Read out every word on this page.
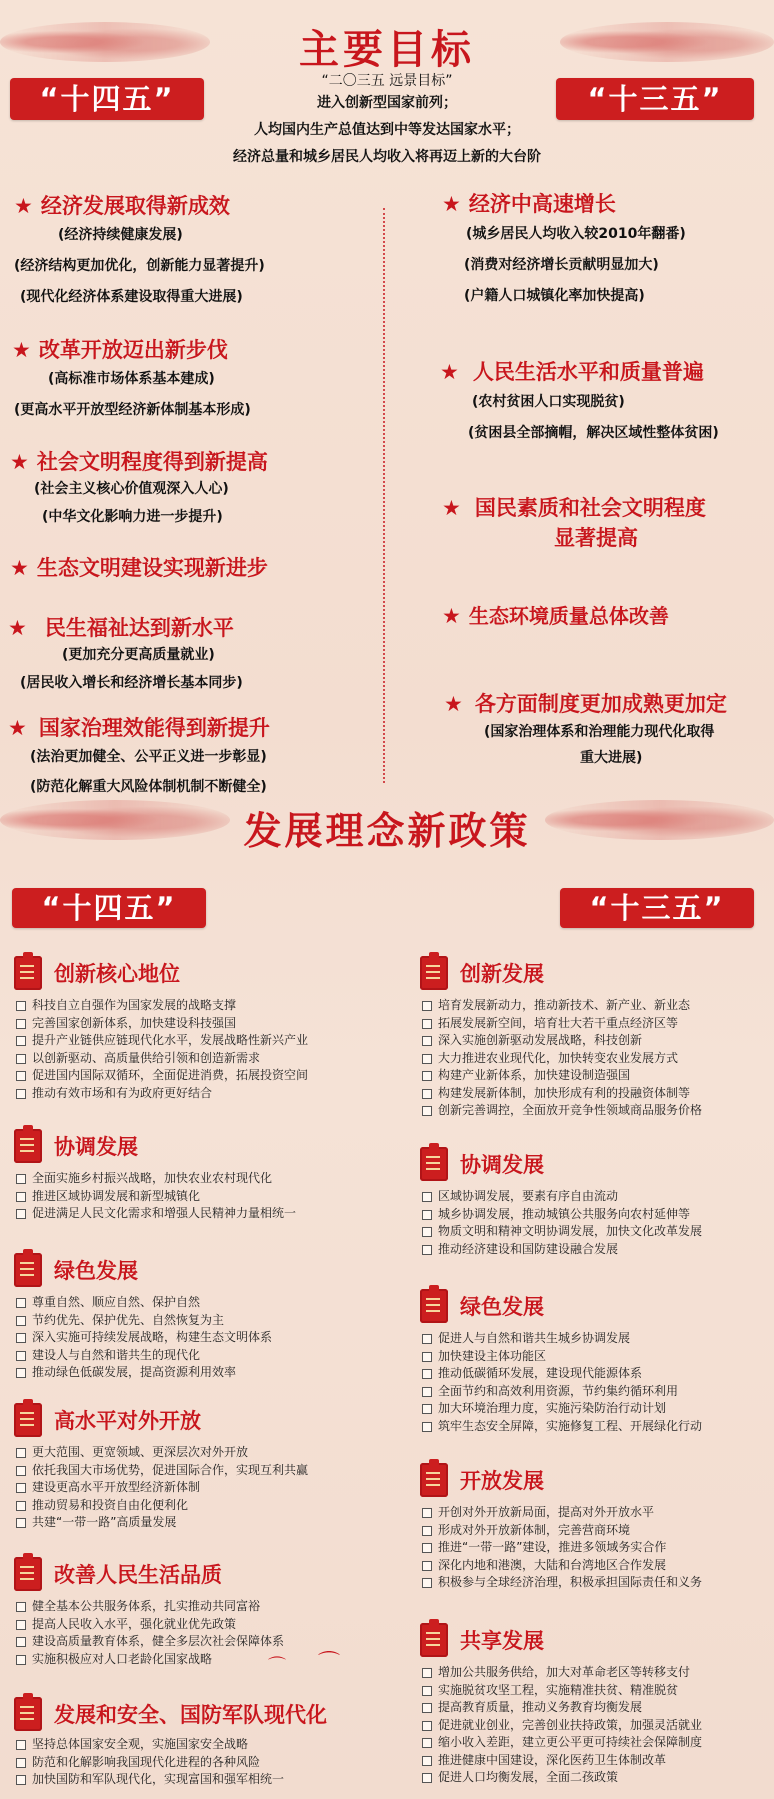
主要目标
“十四五”	“十三五”
“二〇三五 远景目标”
进入创新型国家前列；
人均国内生产总值达到中等发达国家水平；
经济总量和城乡居民人均收入将再迈上新的大台阶
★ 经济发展取得新成效
(经济持续健康发展)
(经济结构更加优化，创新能力显著提升)
(现代化经济体系建设取得重大进展)
★ 改革开放迈出新步伐
(高标准市场体系基本建成)
(更高水平开放型经济新体制基本形成)
★ 社会文明程度得到新提高
(社会主义核心价值观深入人心)
(中华文化影响力进一步提升)
★ 生态文明建设实现新进步
★ 民生福祉达到新水平
(更加充分更高质量就业)
(居民收入增长和经济增长基本同步)
★ 国家治理效能得到新提升
(法治更加健全、公平正义进一步彰显)
(防范化解重大风险体制机制不断健全)
★ 经济中高速增长
(城乡居民人均收入较2010年翻番)
(消费对经济增长贡献明显加大)
(户籍人口城镇化率加快提高)
★ 人民生活水平和质量普遍
(农村贫困人口实现脱贫)
(贫困县全部摘帽，解决区域性整体贫困)
★ 国民素质和社会文明程度
显著提高
★ 生态环境质量总体改善
★ 各方面制度更加成熟更加定
(国家治理体系和治理能力现代化取得
重大进展)
发展理念新政策
“十四五”	“十三五”
创新核心地位
科技自立自强作为国家发展的战略支撑
完善国家创新体系，加快建设科技强国
提升产业链供应链现代化水平，发展战略性新兴产业
以创新驱动、高质量供给引领和创造新需求
促进国内国际双循环，全面促进消费，拓展投资空间
推动有效市场和有为政府更好结合
协调发展
全面实施乡村振兴战略，加快农业农村现代化
推进区域协调发展和新型城镇化
促进满足人民文化需求和增强人民精神力量相统一
绿色发展
尊重自然、顺应自然、保护自然
节约优先、保护优先、自然恢复为主
深入实施可持续发展战略，构建生态文明体系
建设人与自然和谐共生的现代化
推动绿色低碳发展，提高资源利用效率
高水平对外开放
更大范围、更宽领域、更深层次对外开放
依托我国大市场优势，促进国际合作，实现互利共赢
建设更高水平开放型经济新体制
推动贸易和投资自由化便利化
共建“一带一路”高质量发展
改善人民生活品质
健全基本公共服务体系，扎实推动共同富裕
提高人民收入水平，强化就业优先政策
建设高质量教育体系，健全多层次社会保障体系
实施积极应对人口老龄化国家战略	⌒ ⌒
发展和安全、国防军队现代化
坚持总体国家安全观，实施国家安全战略
防范和化解影响我国现代化进程的各种风险
加快国防和军队现代化，实现富国和强军相统一
创新发展
培育发展新动力，推动新技术、新产业、新业态
拓展发展新空间，培育壮大若干重点经济区等
深入实施创新驱动发展战略，科技创新
大力推进农业现代化，加快转变农业发展方式
构建产业新体系，加快建设制造强国
构建发展新体制，加快形成有利的投融资体制等
创新完善调控，全面放开竞争性领域商品服务价格
协调发展
区域协调发展，要素有序自由流动
城乡协调发展，推动城镇公共服务向农村延伸等
物质文明和精神文明协调发展，加快文化改革发展
推动经济建设和国防建设融合发展
绿色发展
促进人与自然和谐共生城乡协调发展
加快建设主体功能区
推动低碳循环发展，建设现代能源体系
全面节约和高效利用资源，节约集约循环利用
加大环境治理力度，实施污染防治行动计划
筑牢生态安全屏障，实施修复工程、开展绿化行动
开放发展
开创对外开放新局面，提高对外开放水平
形成对外开放新体制，完善营商环境
推进“一带一路”建设，推进多领域务实合作
深化内地和港澳，大陆和台湾地区合作发展
积极参与全球经济治理，积极承担国际责任和义务
共享发展
增加公共服务供给，加大对革命老区等转移支付
实施脱贫攻坚工程，实施精准扶贫、精准脱贫
提高教育质量，推动义务教育均衡发展
促进就业创业，完善创业扶持政策，加强灵活就业
缩小收入差距，建立更公平更可持续社会保障制度
推进健康中国建设，深化医药卫生体制改革
促进人口均衡发展，全面二孩政策
